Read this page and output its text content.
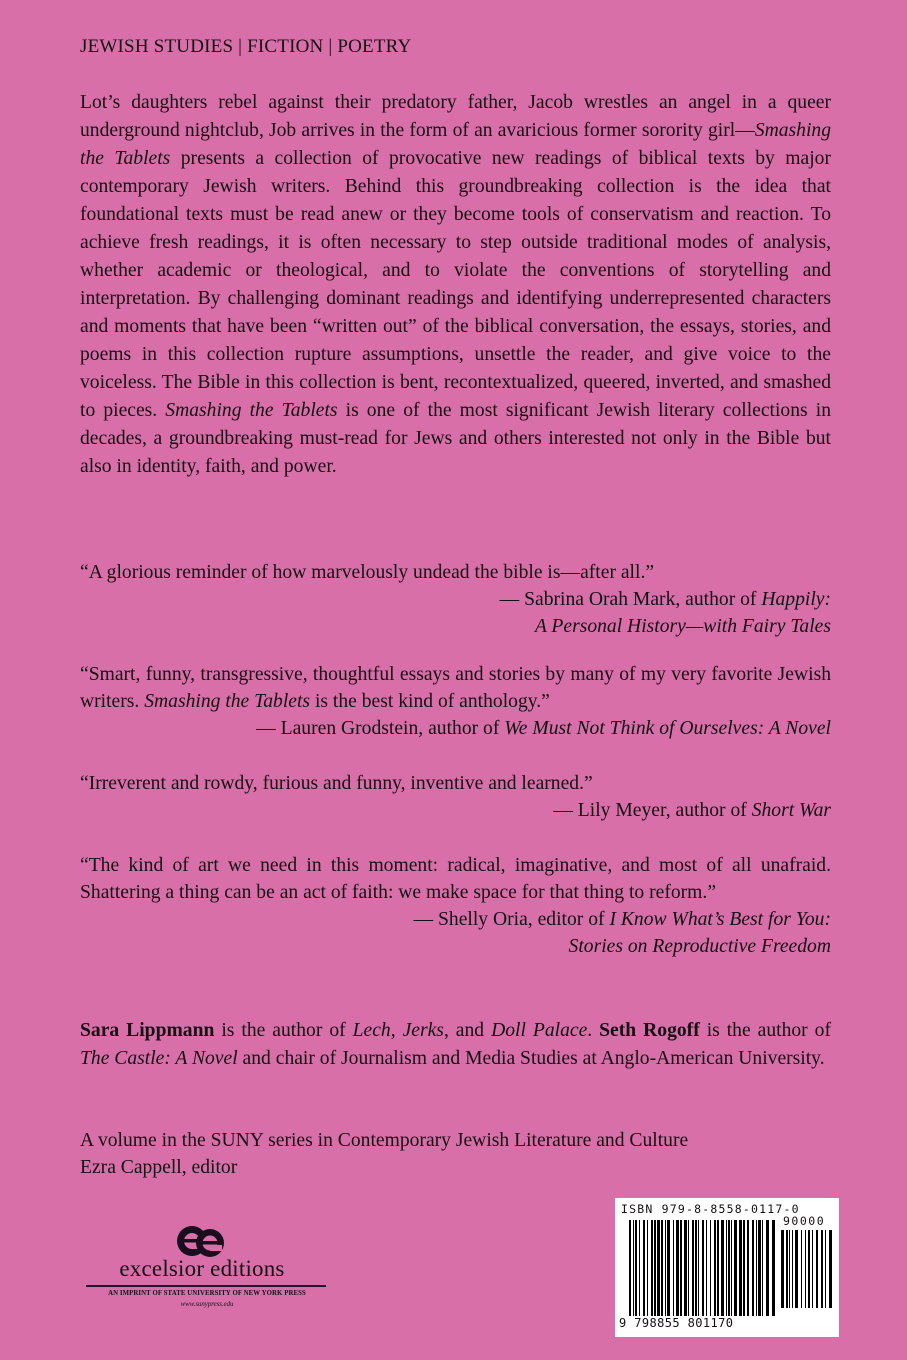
JEWISH STUDIES | FICTION | POETRY

Lot’s daughters rebel against their predatory father, Jacob wrestles an angel in a queer underground nightclub, Job arrives in the form of an avaricious former sorority girl—Smashing the Tablets presents a collection of provocative new readings of biblical texts by major contemporary Jewish writers. Behind this groundbreaking collection is the idea that foundational texts must be read anew or they become tools of conservatism and reaction. To achieve fresh readings, it is often necessary to step outside traditional modes of analysis, whether academic or theological, and to violate the conventions of storytelling and interpretation. By challenging dominant readings and identifying underrepresented characters and moments that have been “written out” of the biblical conversation, the essays, stories, and poems in this collection rupture assumptions, unsettle the reader, and give voice to the voiceless. The Bible in this collection is bent, recontextualized, queered, inverted, and smashed to pieces. Smashing the Tablets is one of the most significant Jewish literary collections in decades, a groundbreaking must-read for Jews and others interested not only in the Bible but also in identity, faith, and power.

“A glorious reminder of how marvelously undead the bible is—after all.”

— Sabrina Orah Mark, author of Happily:
A Personal History—with Fairy Tales

“Smart, funny, transgressive, thoughtful essays and stories by many of my very favorite Jewish writers. Smashing the Tablets is the best kind of anthology.”

— Lauren Grodstein, author of We Must Not Think of Ourselves: A Novel

“Irreverent and rowdy, furious and funny, inventive and learned.”

— Lily Meyer, author of Short War

“The kind of art we need in this moment: radical, imaginative, and most of all unafraid. Shattering a thing can be an act of faith: we make space for that thing to reform.”

— Shelly Oria, editor of I Know What’s Best for You:
Stories on Reproductive Freedom

Sara Lippmann is the author of Lech, Jerks, and Doll Palace. Seth Rogoff is the author of The Castle: A Novel and chair of Journalism and Media Studies at Anglo-American University.

A volume in the SUNY series in Contemporary Jewish Literature and Culture
Ezra Cappell, editor
excelsior editions
AN IMPRINT OF STATE UNIVERSITY OF NEW YORK PRESS
www.sunypress.edu
ISBN 979-8-8558-0117-0
90000
9 798855 801170
